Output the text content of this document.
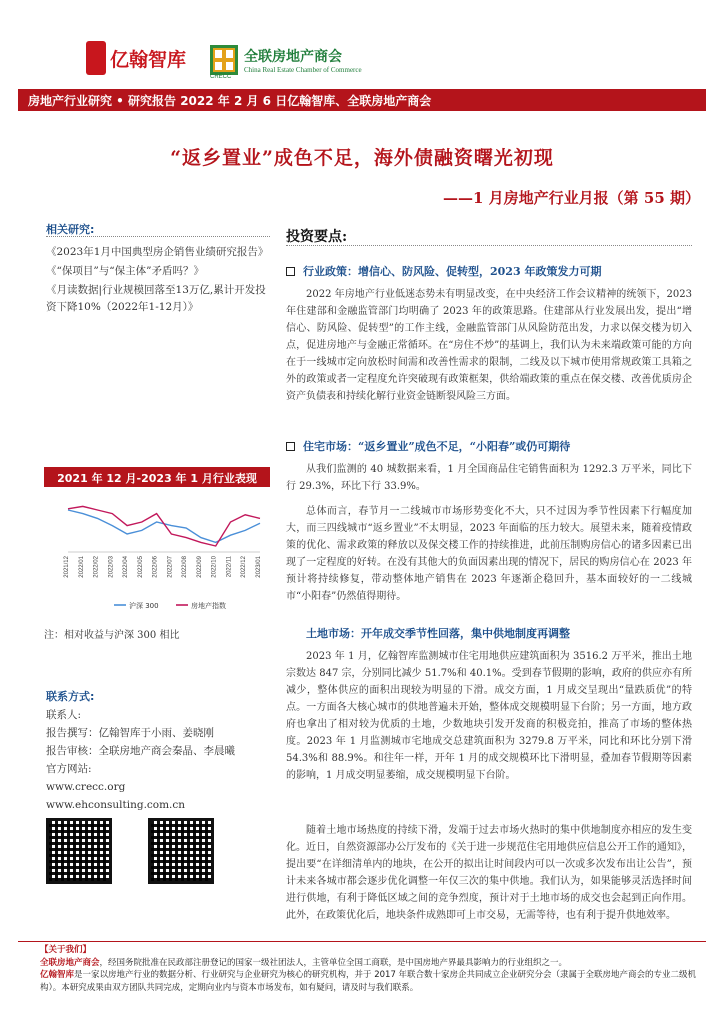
亿翰智库	全联房地产商会
China Real Estate Chamber of Commerce
CRECC
房地产行业研究 • 研究报告 2022 年 2 月 6 日亿翰智库、全联房地产商会
“返乡置业”成色不足，海外债融资曙光初现
——1 月房地产行业月报（第 55 期）
相关研究:

《2023年1月中国典型房企销售业绩研究报告》

《“保项目”与“保主体”矛盾吗？》

《月读数据|行业规模回落至13万亿,累计开发投资下降10%（2022年1-12月）》

2021 年 12 月-2023 年 1 月行业表现
2021/12 2022/01 2022/02 2022/03 2022/04 2022/05 2022/06 2022/07 2022/08 2022/09 2022/10 2022/11 2022/12 2023/01
沪深 300	房地产指数
注：相对收益与沪深 300 相比
联系方式:
联系人:
报告撰写：亿翰智库于小雨、姜晓刚
报告审核：全联房地产商会秦晶、李晨曦
官方网站:
www.crecc.org
www.ehconsulting.com.cn
投资要点:
行业政策：增信心、防风险、促转型，2023 年政策发力可期
2022 年房地产行业低迷态势未有明显改变，在中央经济工作会议精神的统领下，2023 年住建部和金融监管部门均明确了 2023 年的政策思路。住建部从行业发展出发，提出“增信心、防风险、促转型”的工作主线，金融监管部门从风险防范出发，力求以保交楼为切入点，促进房地产与金融正常循环。在“房住不炒”的基调上，我们认为未来端政策可能的方向在于一线城市定向放松时间需和改善性需求的限制，二线及以下城市使用常规政策工具箱之外的政策或者一定程度允许突破现有政策框架，供给端政策的重点在保交楼、改善优质房企资产负债表和持续化解行业资金链断裂风险三方面。
住宅市场：“返乡置业”成色不足，“小阳春”或仍可期待
从我们监测的 40 城数据来看，1 月全国商品住宅销售面积为 1292.3 万平米，同比下行 29.3%，环比下行 33.9%。
总体而言，春节月一二线城市市场形势变化不大，只不过因为季节性因素下行幅度加大，而三四线城市“返乡置业”不太明显，2023 年面临的压力较大。展望未来，随着疫情政策的优化、需求政策的释放以及保交楼工作的持续推进，此前压制购房信心的诸多因素已出现了一定程度的好转。在没有其他大的负面因素出现的情况下，居民的购房信心在 2023 年预计将持续修复，带动整体地产销售在 2023 年逐渐企稳回升，基本面较好的一二线城市“小阳春”仍然值得期待。
土地市场：开年成交季节性回落，集中供地制度再调整
2023 年 1 月，亿翰智库监测城市住宅用地供应建筑面积为 3516.2 万平米，推出土地宗数达 847 宗，分别同比减少 51.7%和 40.1%。受到春节假期的影响，政府的供应亦有所减少，整体供应的面积出现较为明显的下滑。成交方面，1 月成交呈现出“量跌质优”的特点。一方面各大核心城市的供地普遍未开始，整体成交规模明显下台阶；另一方面，地方政府也拿出了相对较为优质的土地，少数地块引发开发商的积极竞拍，推高了市场的整体热度。2023 年 1 月监测城市宅地成交总建筑面积为 3279.8 万平米，同比和环比分别下滑 54.3%和 88.9%。和往年一样，开年 1 月的成交规模环比下滑明显，叠加春节假期等因素的影响，1 月成交明显萎缩，成交规模明显下台阶。
随着土地市场热度的持续下滑，发端于过去市场火热时的集中供地制度亦相应的发生变化。近日，自然资源部办公厅发布的《关于进一步规范住宅用地供应信息公开工作的通知》，提出要“在详细清单内的地块，在公开的拟出让时间段内可以一次或多次发布出让公告”，预计未来各城市都会逐步优化调整一年仅三次的集中供地。我们认为，如果能够灵活选择时间进行供地，有利于降低区域之间的竞争烈度，预计对于土地市场的成交也会起到正向作用。此外，在政策优化后，地块条件成熟即可上市交易，无需等待，也有利于提升供地效率。
【关于我们】
全联房地产商会，经国务院批准在民政部注册登记的国家一级社团法人，主管单位全国工商联，是中国房地产界最具影响力的行业组织之一。
亿翰智库是一家以房地产行业的数据分析、行业研究与企业研究为核心的研究机构，并于 2017 年联合数十家房企共同成立企业研究分会（隶属于全联房地产商会的专业二级机构）。本研究成果由双方团队共同完成，定期向业内与资本市场发布，如有疑问，请及时与我们联系。
